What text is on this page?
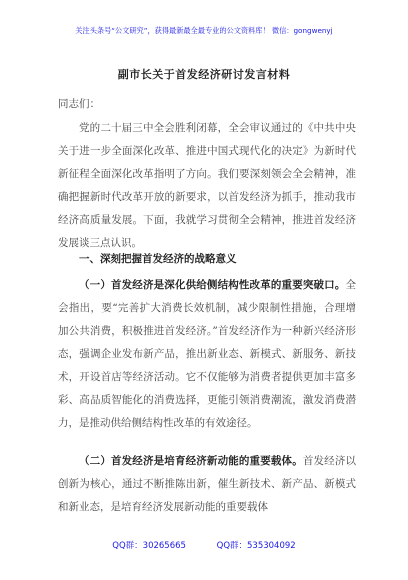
关注头条号“公文研究”，获得最新最全最专业的公文资料库！ 微信：gongwenyj
副市长关于首发经济研讨发言材料
同志们：

党的二十届三中全会胜利闭幕，全会审议通过的《中共中央关于进一步全面深化改革、推进中国式现代化的决定》为新时代新征程全面深化改革指明了方向。我们要深刻领会全会精神，准确把握新时代改革开放的新要求，以首发经济为抓手，推动我市经济高质量发展。下面，我就学习贯彻全会精神，推进首发经济发展谈三点认识。

一、深刻把握首发经济的战略意义

（一）首发经济是深化供给侧结构性改革的重要突破口。全会指出，要“完善扩大消费长效机制，减少限制性措施，合理增加公共消费，积极推进首发经济。”首发经济作为一种新兴经济形态，强调企业发布新产品，推出新业态、新模式、新服务、新技术，开设首店等经济活动。它不仅能够为消费者提供更加丰富多彩、高品质智能化的消费选择，更能引领消费潮流，激发消费潜力，是推动供给侧结构性改革的有效途径。

（二）首发经济是培育经济新动能的重要载体。首发经济以创新为核心，通过不断推陈出新，催生新技术、新产品、新模式和新业态，是培育经济发展新动能的重要载体

QQ群：30265665	QQ群：535304092
